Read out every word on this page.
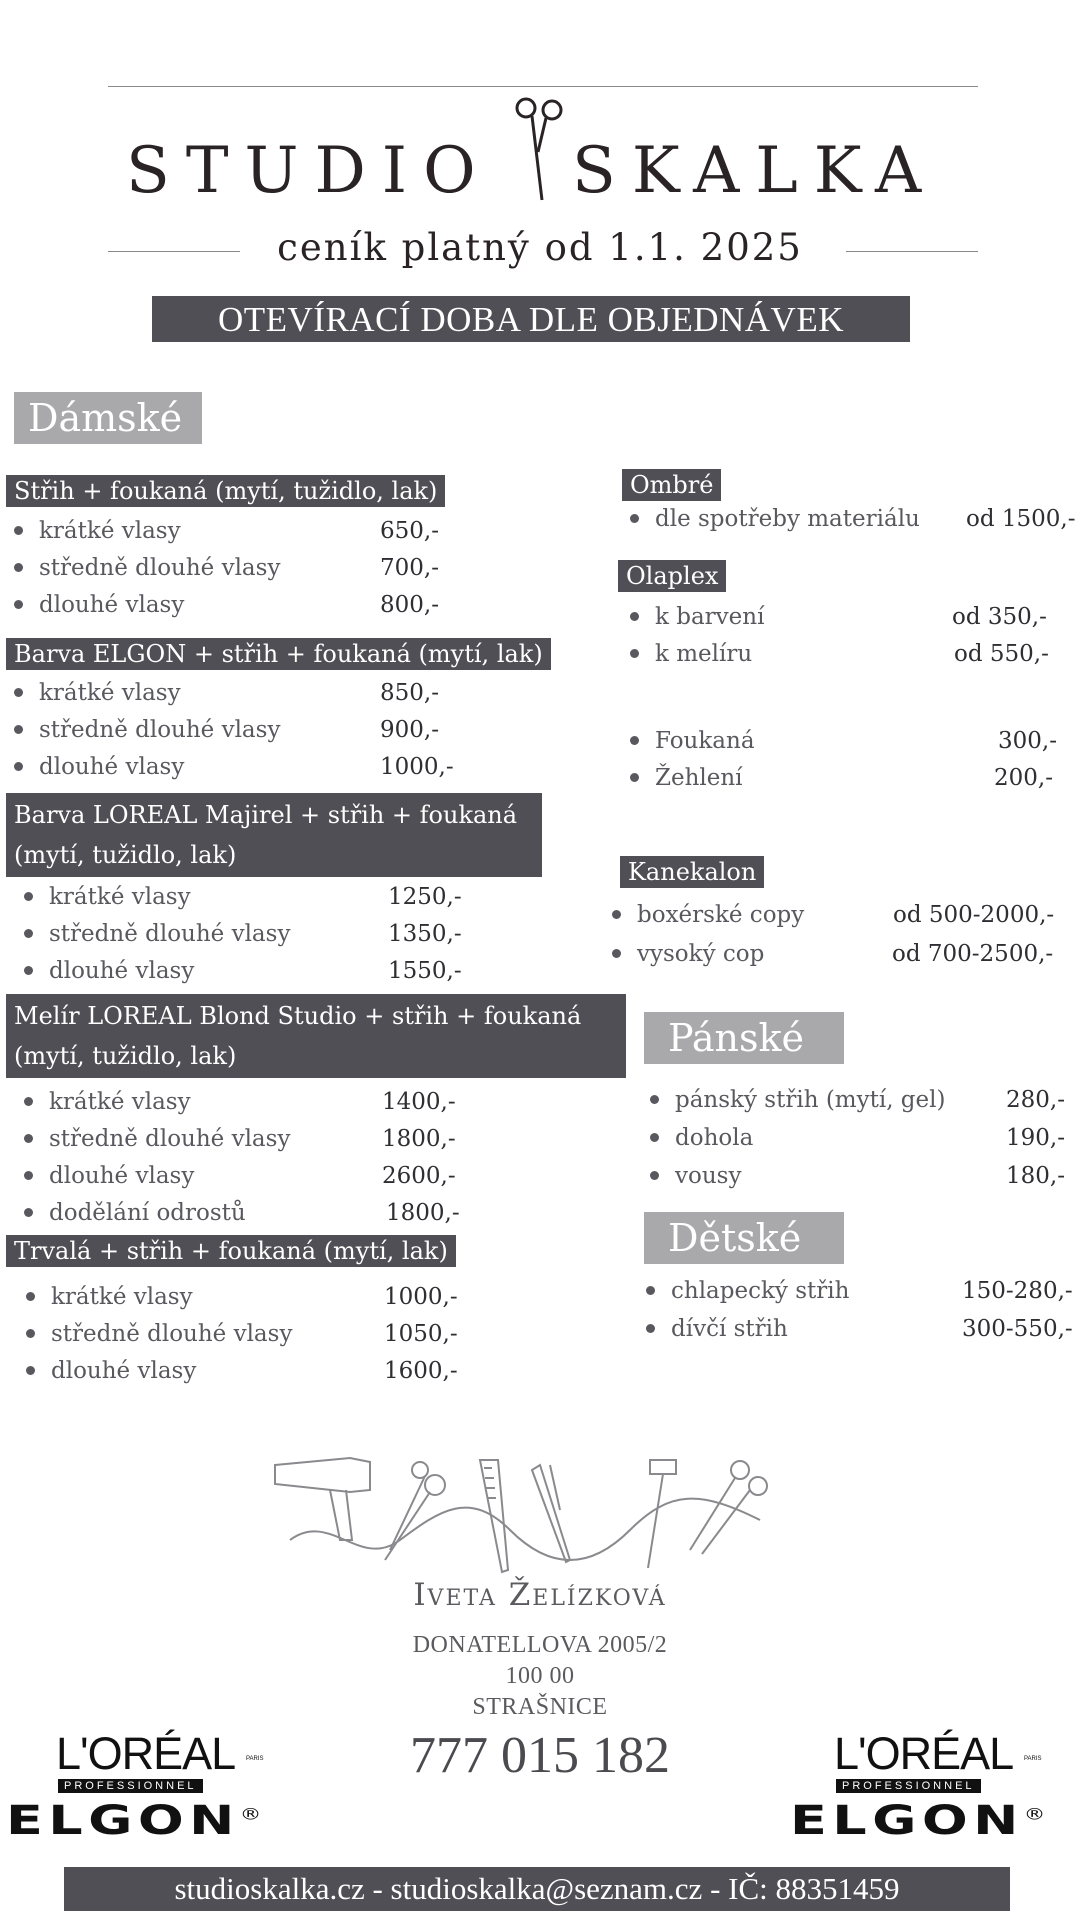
STUDIO SKALKA
ceník platný od 1.1. 2025
OTEVÍRACÍ DOBA DLE OBJEDNÁVEK
Dámské
Střih + foukaná (mytí, tužidlo, lak)
krátké vlasy	650,-
středně dlouhé vlasy	700,-
dlouhé vlasy	800,-
Barva ELGON + střih + foukaná (mytí, lak)
krátké vlasy	850,-
středně dlouhé vlasy	900,-
dlouhé vlasy	1000,-
Barva LOREAL Majirel + střih + foukaná (mytí, tužidlo, lak)
krátké vlasy	1250,-
středně dlouhé vlasy	1350,-
dlouhé vlasy	1550,-
Melír LOREAL Blond Studio + střih + foukaná (mytí, tužidlo, lak)
krátké vlasy	1400,-
středně dlouhé vlasy	1800,-
dlouhé vlasy	2600,-
dodělání odrostů	1800,-
Trvalá + střih + foukaná (mytí, lak)
krátké vlasy	1000,-
středně dlouhé vlasy	1050,-
dlouhé vlasy	1600,-
Ombré
dle spotřeby materiálu od 1500,-
Olaplex
k barvení	od 350,-
k melíru	od 550,-
Foukaná	300,-
Žehlení	200,-
Kanekalon
boxérské copy	od 500-2000,-
vysoký cop	od 700-2500,-
Pánské
pánský střih (mytí, gel)	280,-
dohola	190,-
vousy	180,-
Dětské
chlapecký střih	150-280,-
dívčí střih	300-550,-
Iveta Želízková
DONATELLOVA 2005/2
100 00
STRAŠNICE
777 015 182
L'ORÉAL
PROFESSIONNEL
PARIS
ELGON®
L'ORÉAL
PROFESSIONNEL
PARIS
ELGON®
studioskalka.cz - studioskalka@seznam.cz - IČ: 88351459
